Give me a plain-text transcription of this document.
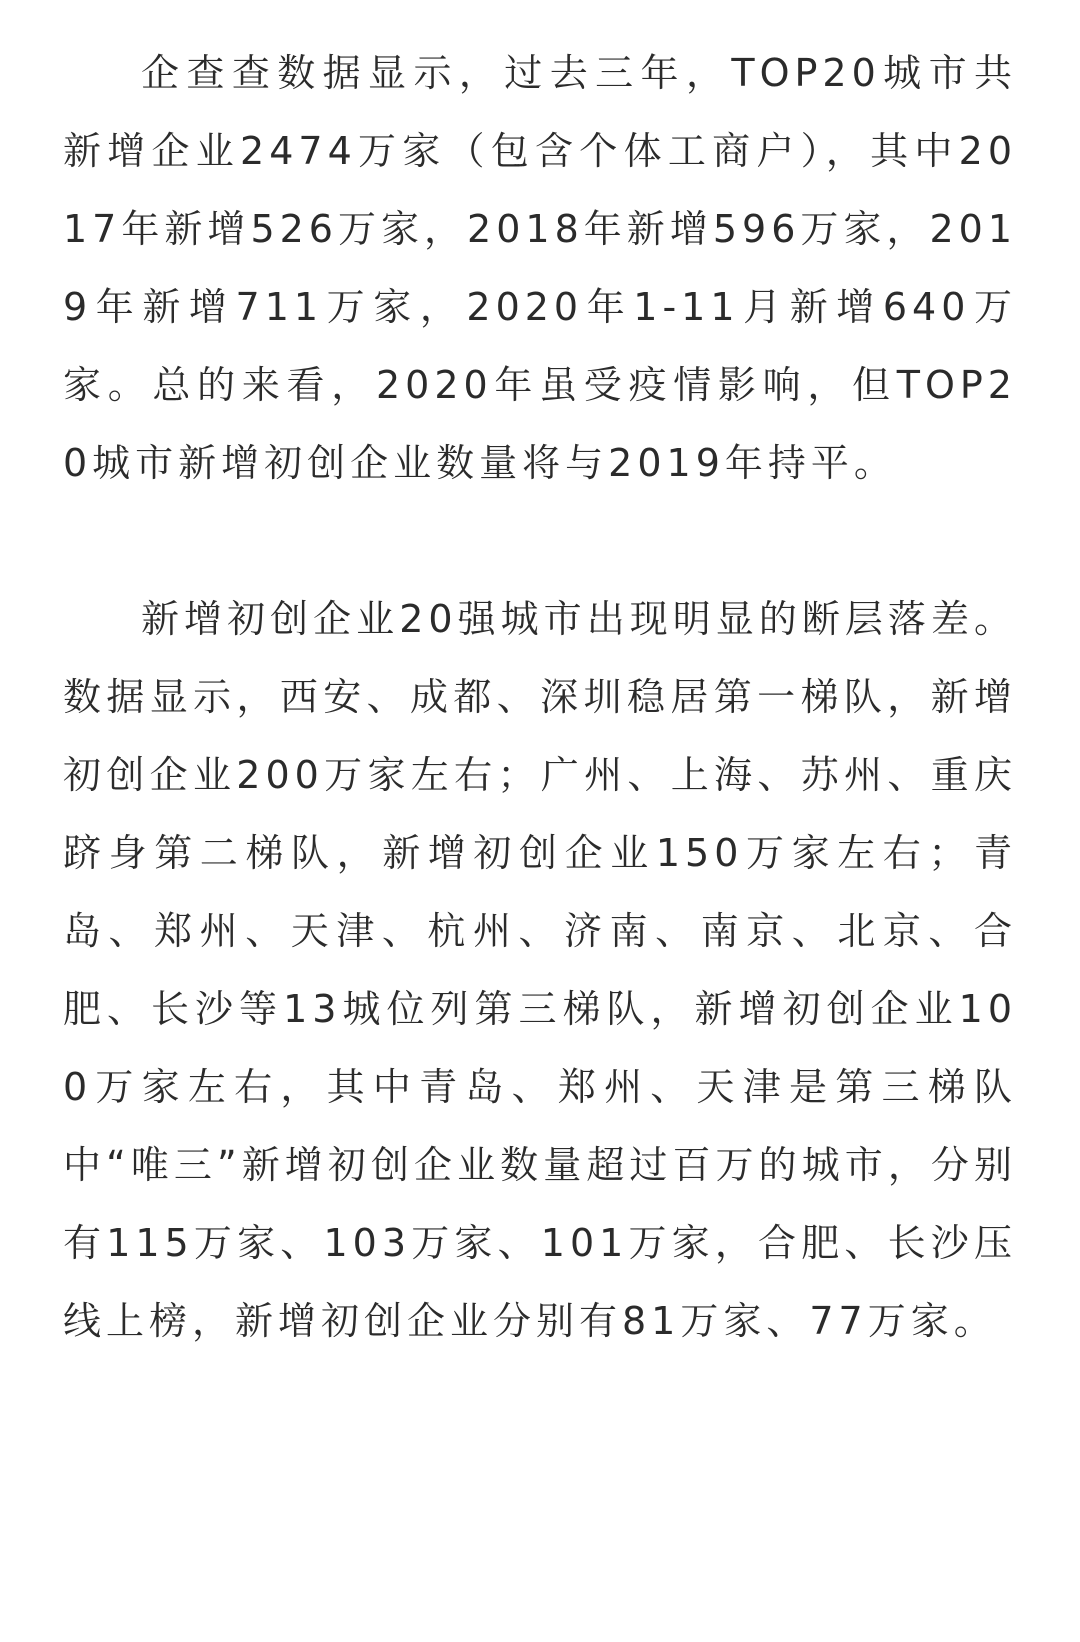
企查查数据显示，过去三年，TOP20城市共新增企业2474万家（包含个体工商户），其中2017年新增526万家，2018年新增596万家，2019年新增711万家，2020年1-11月新增640万家。总的来看，2020年虽受疫情影响，但TOP20城市新增初创企业数量将与2019年持平。

新增初创企业20强城市出现明显的断层落差。数据显示，西安、成都、深圳稳居第一梯队，新增初创企业200万家左右；广州、上海、苏州、重庆跻身第二梯队，新增初创企业150万家左右；青岛、郑州、天津、杭州、济南、南京、北京、合肥、长沙等13城位列第三梯队，新增初创企业100万家左右，其中青岛、郑州、天津是第三梯队中“唯三”新增初创企业数量超过百万的城市，分别有115万家、103万家、101万家，合肥、长沙压线上榜，新增初创企业分别有81万家、77万家。
